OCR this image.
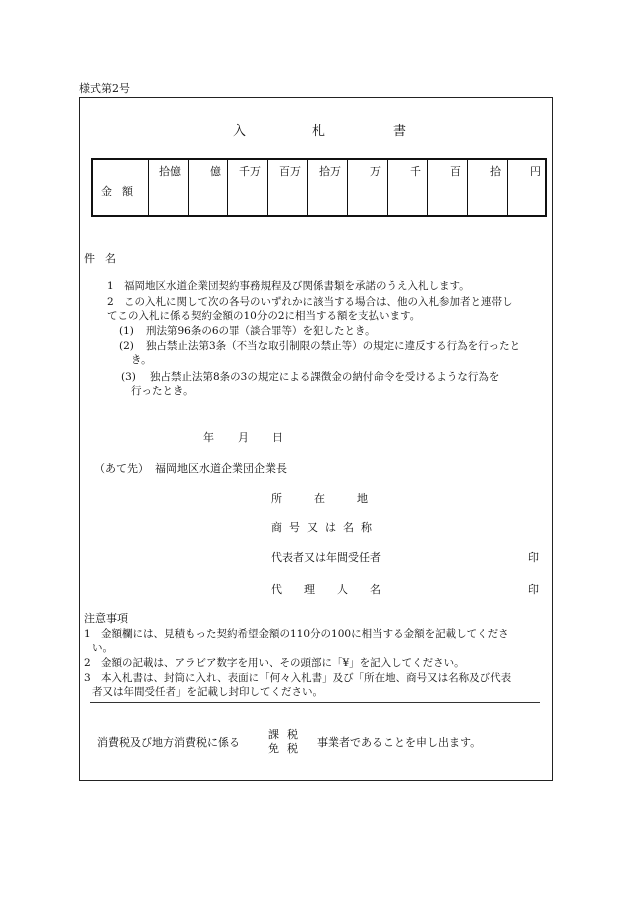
様式第2号
入	札	書
金額
拾億	億	千万	百万	拾万	万	千	百	拾	円
件名
1 福岡地区水道企業団契約事務規程及び関係書類を承諾のうえ入札します。
2 この入札に関して次の各号のいずれかに該当する場合は、他の入札参加者と連帯し
てこの入札に係る契約金額の10分の2に相当する額を支払います。
(1) 刑法第96条の6の罪（談合罪等）を犯したとき。
(2) 独占禁止法第3条（不当な取引制限の禁止等）の規定に違反する行為を行ったと
き。
(3) 独占禁止法第8条の3の規定による課徴金の納付命令を受けるような行為を
行ったとき。
年 月 日
（あて先） 福岡地区水道企業団企業長
所在地
商号又は名称
代表者又は年間受任者	印
代理人名	印
注意事項
1 金額欄には、見積もった契約希望金額の110分の100に相当する金額を記載してくださ
い。
2 金額の記載は、アラビア数字を用い、その頭部に「¥」を記入してください。
3 本入札書は、封筒に入れ、表面に「何々入札書」及び「所在地、商号又は名称及び代表
者又は年間受任者」を記載し封印してください。
消費税及び地方消費税に係る
課税
免税 事業者であることを申し出ます。
